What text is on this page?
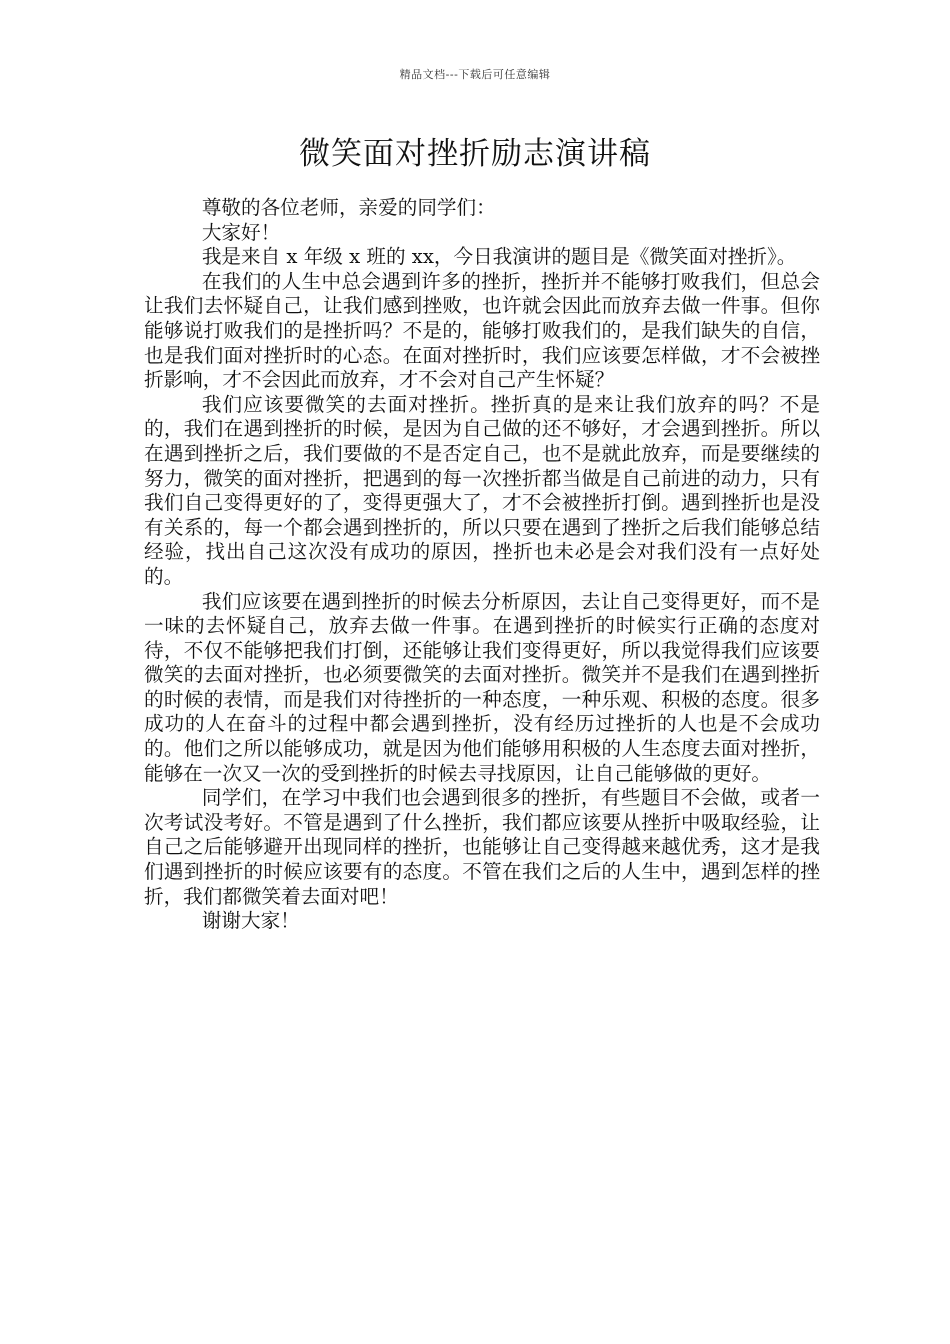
精品文档---下载后可任意编辑
微笑面对挫折励志演讲稿

尊敬的各位老师，亲爱的同学们：

大家好！

我是来自 x 年级 x 班的 xx，今日我演讲的题目是《微笑面对挫折》。

在我们的人生中总会遇到许多的挫折，挫折并不能够打败我们，但总会让我们去怀疑自己，让我们感到挫败，也许就会因此而放弃去做一件事。但你能够说打败我们的是挫折吗？不是的，能够打败我们的，是我们缺失的自信，也是我们面对挫折时的心态。在面对挫折时，我们应该要怎样做，才不会被挫折影响，才不会因此而放弃，才不会对自己产生怀疑？

我们应该要微笑的去面对挫折。挫折真的是来让我们放弃的吗？不是的，我们在遇到挫折的时候，是因为自己做的还不够好，才会遇到挫折。所以在遇到挫折之后，我们要做的不是否定自己，也不是就此放弃，而是要继续的努力，微笑的面对挫折，把遇到的每一次挫折都当做是自己前进的动力，只有我们自己变得更好的了，变得更强大了，才不会被挫折打倒。遇到挫折也是没有关系的，每一个都会遇到挫折的，所以只要在遇到了挫折之后我们能够总结经验，找出自己这次没有成功的原因，挫折也未必是会对我们没有一点好处的。

我们应该要在遇到挫折的时候去分析原因，去让自己变得更好，而不是一味的去怀疑自己，放弃去做一件事。在遇到挫折的时候实行正确的态度对待，不仅不能够把我们打倒，还能够让我们变得更好，所以我觉得我们应该要微笑的去面对挫折，也必须要微笑的去面对挫折。微笑并不是我们在遇到挫折的时候的表情，而是我们对待挫折的一种态度，一种乐观、积极的态度。很多成功的人在奋斗的过程中都会遇到挫折，没有经历过挫折的人也是不会成功的。他们之所以能够成功，就是因为他们能够用积极的人生态度去面对挫折，能够在一次又一次的受到挫折的时候去寻找原因，让自己能够做的更好。

同学们，在学习中我们也会遇到很多的挫折，有些题目不会做，或者一次考试没考好。不管是遇到了什么挫折，我们都应该要从挫折中吸取经验，让自己之后能够避开出现同样的挫折，也能够让自己变得越来越优秀，这才是我们遇到挫折的时候应该要有的态度。不管在我们之后的人生中，遇到怎样的挫折，我们都微笑着去面对吧！

谢谢大家！
